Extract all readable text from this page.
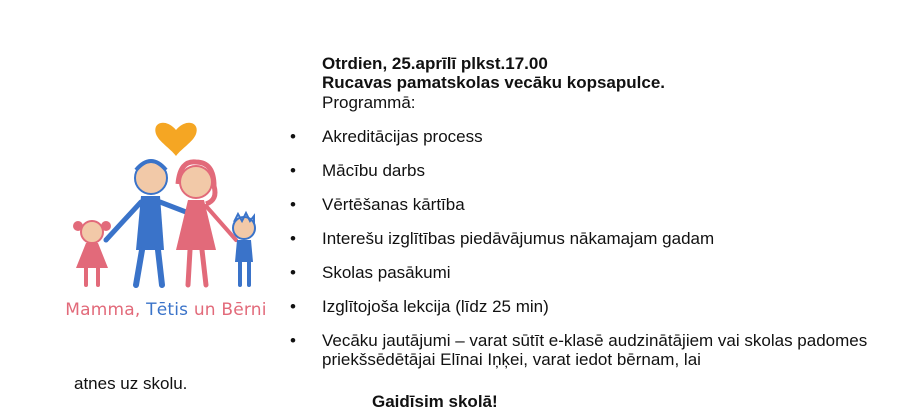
Mamma, Tētis un Bērni
Otrdien, 25.aprīlī plkst.17.00
Rucavas pamatskolas vecāku kopsapulce.
Programmā:
• Akreditācijas process
• Mācību darbs
• Vērtēšanas kārtība
• Interešu izglītības piedāvājumus nākamajam gadam
• Skolas pasākumi
• Izglītojoša lekcija (līdz 25 min)
• Vecāku jautājumi – varat sūtīt e-klasē audzinātājiem vai skolas padomes priekšsēdētājai Elīnai Iņķei, varat iedot bērnam, lai
atnes uz skolu.
Gaidīsim skolā!
